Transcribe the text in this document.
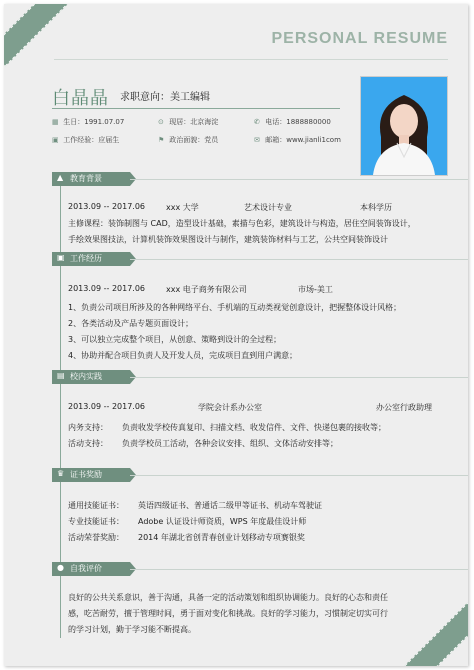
PERSONAL RESUME
白晶晶 求职意向：美工编辑
▦ 生日：1991.07.07	⊙ 现居：北京海淀	✆ 电话：1888880000
▣ 工作经验：应届生	⚑ 政治面貌：党员	✉ 邮箱：www.jianli1com
▲ 教育背景
2013.09 -- 2017.06	xxx 大学	艺术设计专业	本科学历
主修课程：装饰制图与 CAD，造型设计基础，素描与色彩，建筑设计与构造，居住空间装饰设计，
手绘效果图技法，计算机装饰效果图设计与制作，建筑装饰材料与工艺，公共空间装饰设计
▣ 工作经历
2013.09 -- 2017.06	xxx 电子商务有限公司	市场-美工
1、负责公司项目所涉及的各种网络平台、手机端的互动类视觉创意设计，把握整体设计风格；
2、各类活动及产品专题页面设计；
3、可以独立完成整个项目，从创意、策略到设计的全过程；
4、协助并配合项目负责人及开发人员，完成项目直到用户满意；
▤ 校内实践
2013.09 -- 2017.06	学院会计系办公室	办公室行政助理
内务支持： 负责收发学校传真复印、扫描文档、收发信件、文件、快递包裹的接收等；
活动支持： 负责学校员工活动，各种会议安排、组织、文体活动安排等；
♛ 证书奖励
通用技能证书： 英语四级证书、普通话二级甲等证书、机动车驾驶证
专业技能证书： Adobe 认证设计师资质，WPS 年度最佳设计师
活动荣誉奖励： 2014 年湖北省创青春创业计划移动专项赛银奖
● 自我评价
良好的公共关系意识，善于沟通，具备一定的活动策划和组织协调能力。良好的心态和责任
感，吃苦耐劳，擅于管理时间，勇于面对变化和挑战。良好的学习能力，习惯制定切实可行
的学习计划，勤于学习能不断提高。
